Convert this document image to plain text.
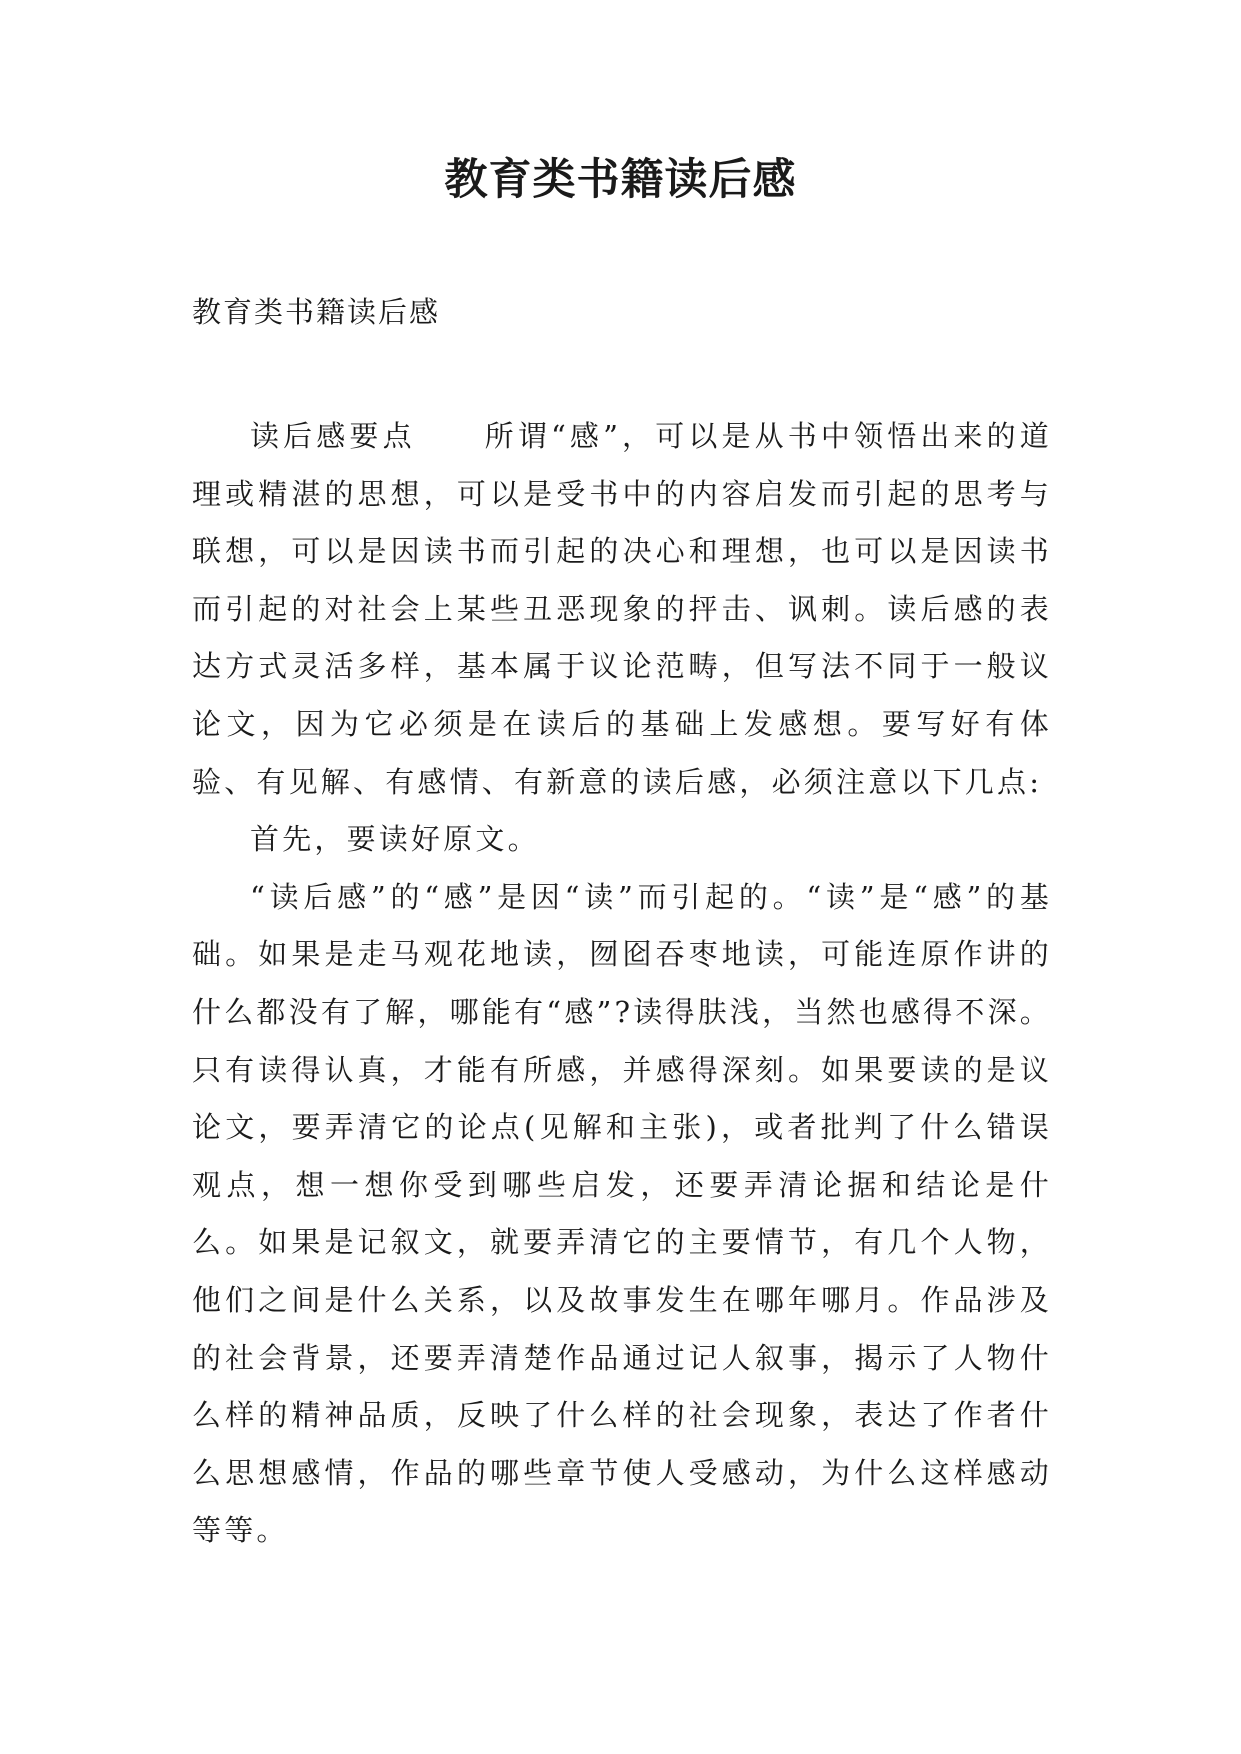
教育类书籍读后感
教育类书籍读后感

读后感要点 所谓“感”，可以是从书中领悟出来的道理或精湛的思想，可以是受书中的内容启发而引起的思考与联想，可以是因读书而引起的决心和理想，也可以是因读书而引起的对社会上某些丑恶现象的抨击、讽刺。读后感的表达方式灵活多样，基本属于议论范畴，但写法不同于一般议论文，因为它必须是在读后的基础上发感想。要写好有体验、有见解、有感情、有新意的读后感，必须注意以下几点:

首先，要读好原文。

“读后感”的“感”是因“读”而引起的。“读”是“感”的基础。如果是走马观花地读，囫囵吞枣地读，可能连原作讲的什么都没有了解，哪能有“感”?读得肤浅，当然也感得不深。只有读得认真，才能有所感，并感得深刻。如果要读的是议论文，要弄清它的论点(见解和主张)，或者批判了什么错误观点，想一想你受到哪些启发，还要弄清论据和结论是什么。如果是记叙文，就要弄清它的主要情节，有几个人物，他们之间是什么关系，以及故事发生在哪年哪月。作品涉及的社会背景，还要弄清楚作品通过记人叙事，揭示了人物什么样的精神品质，反映了什么样的社会现象，表达了作者什么思想感情，作品的哪些章节使人受感动，为什么这样感动等等。
